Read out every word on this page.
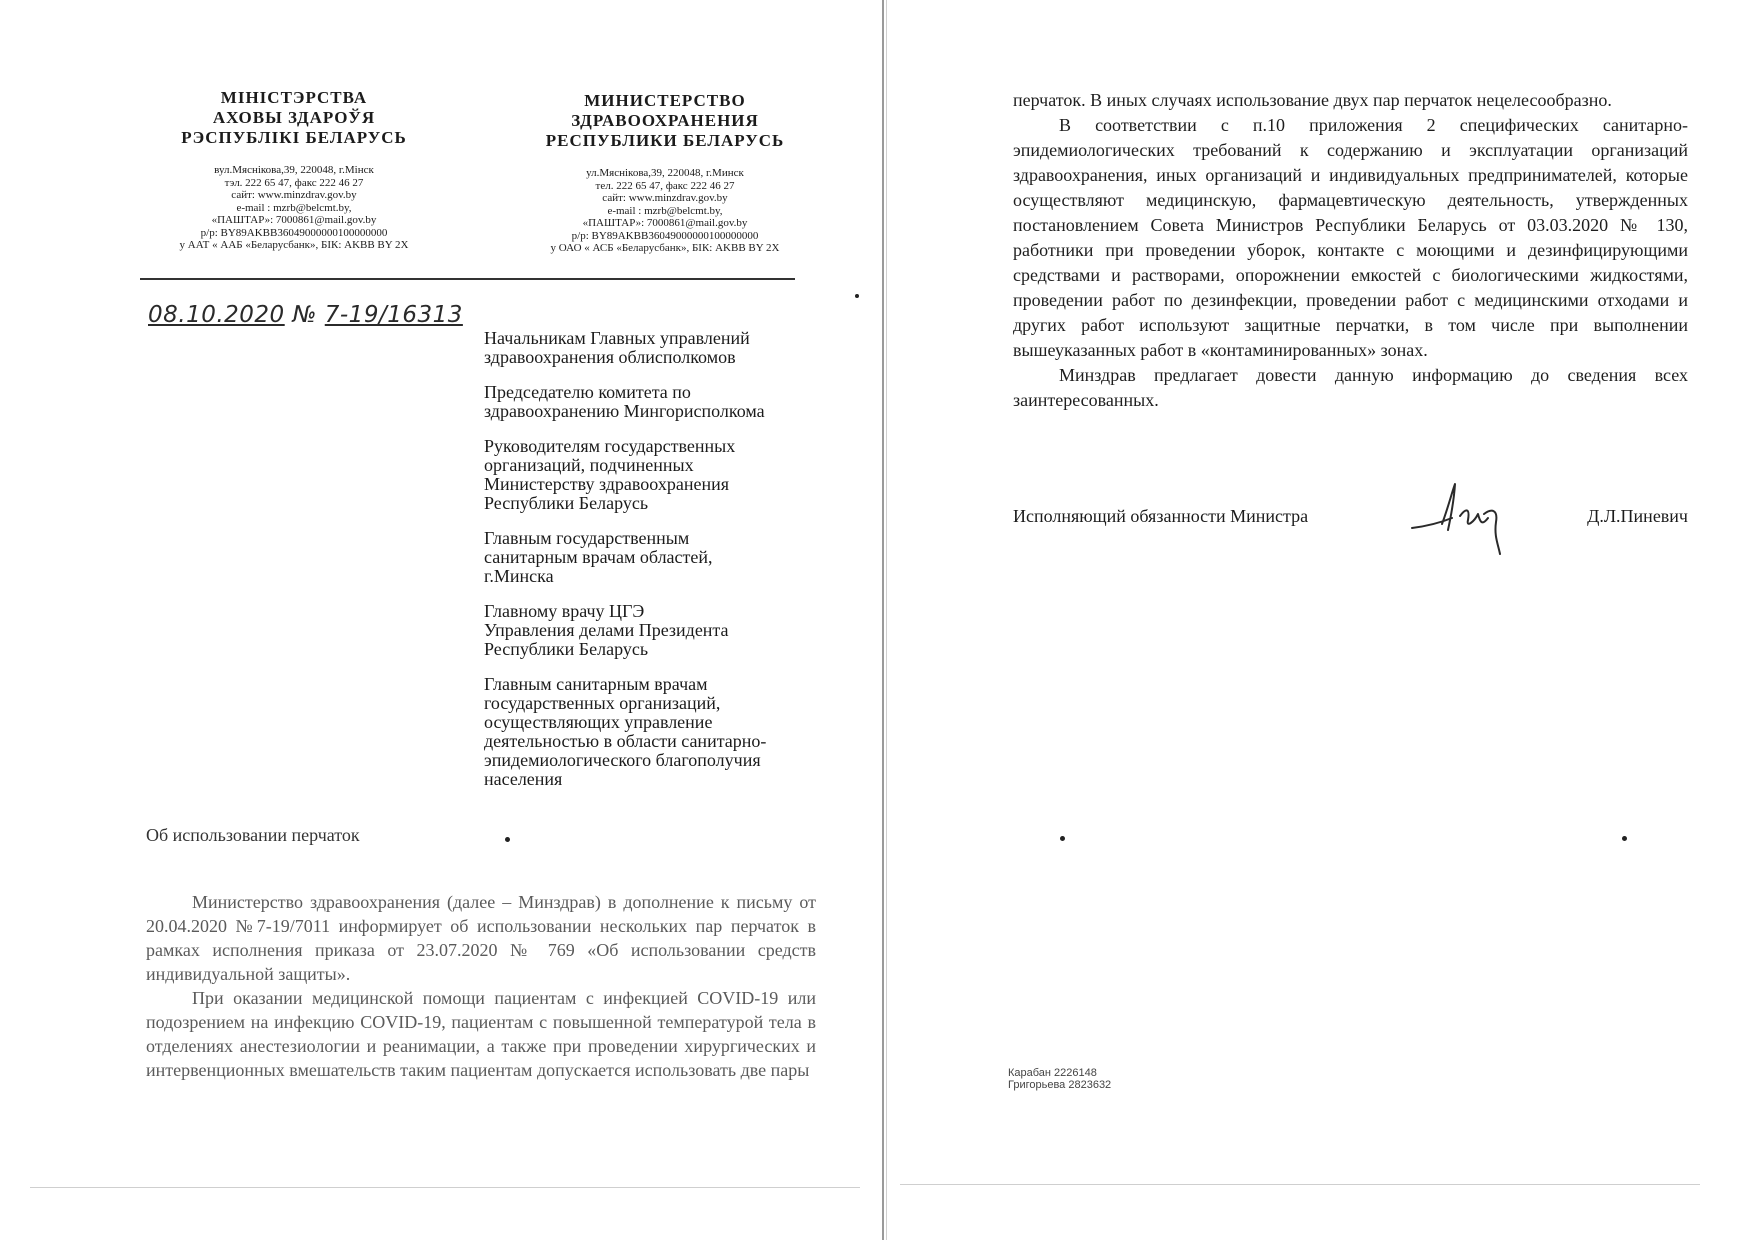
МІНІСТЭРСТВА
АХОВЫ ЗДАРОЎЯ
РЭСПУБЛІКІ БЕЛАРУСЬ

вул.Мяснікова,39, 220048, г.Мінск
тэл. 222 65 47, факс 222 46 27
сайт: www.minzdrav.gov.by
e-mail : mzrb@belcmt.by,
«ПАШТАР»: 7000861@mail.gov.by
р/р: BY89AKBB36049000000100000000
у ААТ « ААБ «Беларусбанк», БІК: AKBB BY 2X

МИНИСТЕРСТВО
ЗДРАВООХРАНЕНИЯ
РЕСПУБЛИКИ БЕЛАРУСЬ

ул.Мяснікова,39, 220048, г.Минск
тел. 222 65 47, факс 222 46 27
сайт: www.minzdrav.gov.by
e-mail : mzrb@belcmt.by,
«ПАШТАР»: 7000861@mail.gov.by
р/р: BY89AKBB36049000000100000000
у ОАО « АСБ «Беларусбанк», БІК: AKBB BY 2X
08.10.2020 № 7-19/16313

Начальникам Главных управлений
здравоохранения облисполкомов

Председателю комитета по
здравоохранению Мингорисполкома

Руководителям государственных
организаций, подчиненных
Министерству здравоохранения
Республики Беларусь

Главным государственным
санитарным врачам областей,
г.Минска

Главному врачу ЦГЭ
Управления делами Президента
Республики Беларусь

Главным санитарным врачам
государственных организаций,
осуществляющих управление
деятельностью в области санитарно-
эпидемиологического благополучия
населения

Об использовании перчаток

Министерство здравоохранения (далее – Минздрав) в дополнение к письму от 20.04.2020 №7-19/7011 информирует об использовании нескольких пар перчаток в рамках исполнения приказа от 23.07.2020 № 769 «Об использовании средств индивидуальной защиты».

При оказании медицинской помощи пациентам с инфекцией COVID-19 или подозрением на инфекцию COVID-19, пациентам с повышенной температурой тела в отделениях анестезиологии и реанимации, а также при проведении хирургических и интервенционных вмешательств таким пациентам допускается использовать две пары

перчаток. В иных случаях использование двух пар перчаток нецелесообразно.

В соответствии с п.10 приложения 2 специфических санитарно-эпидемиологических требований к содержанию и эксплуатации организаций здравоохранения, иных организаций и индивидуальных предпринимателей, которые осуществляют медицинскую, фармацевтическую деятельность, утвержденных постановлением Совета Министров Республики Беларусь от 03.03.2020 № 130, работники при проведении уборок, контакте с моющими и дезинфицирующими средствами и растворами, опорожнении емкостей с биологическими жидкостями, проведении работ по дезинфекции, проведении работ с медицинскими отходами и других работ используют защитные перчатки, в том числе при выполнении вышеуказанных работ в «контаминированных» зонах.

Минздрав предлагает довести данную информацию до сведения всех заинтересованных.

Исполняющий обязанности Министра	Д.Л.Пиневич
Карабан 2226148
Григорьева 2823632
